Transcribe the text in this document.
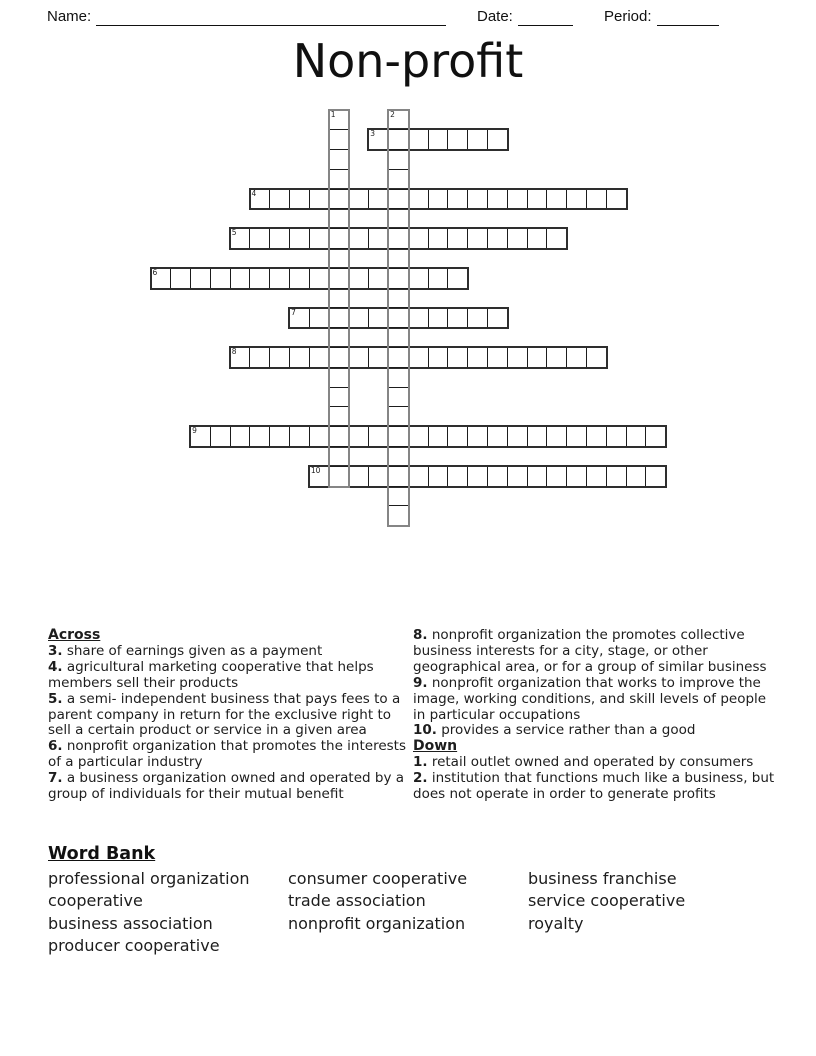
Name:	Date:	Period:
Non-profit
1	2
3
4
5
6
7
8
9
10
Across
3. share of earnings given as a payment
4. agricultural marketing cooperative that helps members sell their products
5. a semi- independent business that pays fees to a parent company in return for the exclusive right to sell a certain product or service in a given area
6. nonprofit organization that promotes the interests of a particular industry
7. a business organization owned and operated by a group of individuals for their mutual benefit
8. nonprofit organization the promotes collective business interests for a city, stage, or other geographical area, or for a group of similar business
9. nonprofit organization that works to improve the image, working conditions, and skill levels of people in particular occupations
10. provides a service rather than a good
Down
1. retail outlet owned and operated by consumers
2. institution that functions much like a business, but does not operate in order to generate profits
Word Bank
professional organization
cooperative
business association
producer cooperative
consumer cooperative
trade association
nonprofit organization
business franchise
service cooperative
royalty
